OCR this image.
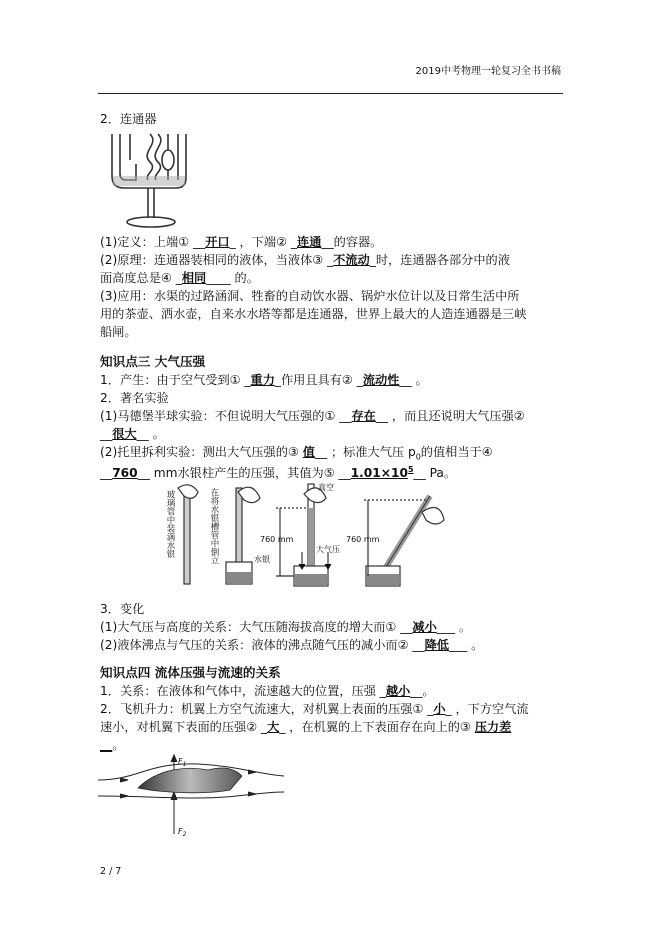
2019中考物理一轮复习全书书稿
2．连通器
(1)定义：上端① __开口_ ，下端② _连通__的容器。
(2)原理：连通器装相同的液体，当液体③ _不流动_时，连通器各部分中的液
面高度总是④ _相同____ 的。
(3)应用：水渠的过路涵洞、牲畜的自动饮水器、锅炉水位计以及日常生活中所
用的茶壶、洒水壶，自来水水塔等都是连通器，世界上最大的人造连通器是三峡
船闸。
知识点三 大气压强
1．产生：由于空气受到① _重力_作用且具有② _流动性__ 。
2．著名实验
(1)马德堡半球实验：不但说明大气压强的① __存在__ ，而且还说明大气压强②
__很大__ 。
(2)托里拆利实验：测出大气压强的③ 值__ ；标准大气压 $p_0$的值相当于④
__760__ mm水银柱产生的压强，其值为⑤ $\_\_1.01\times 10^5\_\_$ Pa。
玻璃管中装满水银	在将水银槽管中倒立	水银
真空
760 mm	760 mm
大气压
3．变化
(1)大气压与高度的关系：大气压随海拔高度的增大而① __减小___ 。
(2)液体沸点与气压的关系：液体的沸点随气压的减小而② __降低___ 。
知识点四 流体压强与流速的关系
1．关系：在液体和气体中，流速越大的位置，压强 _越小__。
2．飞机升力：机翼上方空气流速大，对机翼上表面的压强① _小_ ，下方空气流
速小，对机翼下表面的压强② _大_ ，在机翼的上下表面存在向上的③ 压力差
__。
$F_1$
$F_2$
2 / 7
